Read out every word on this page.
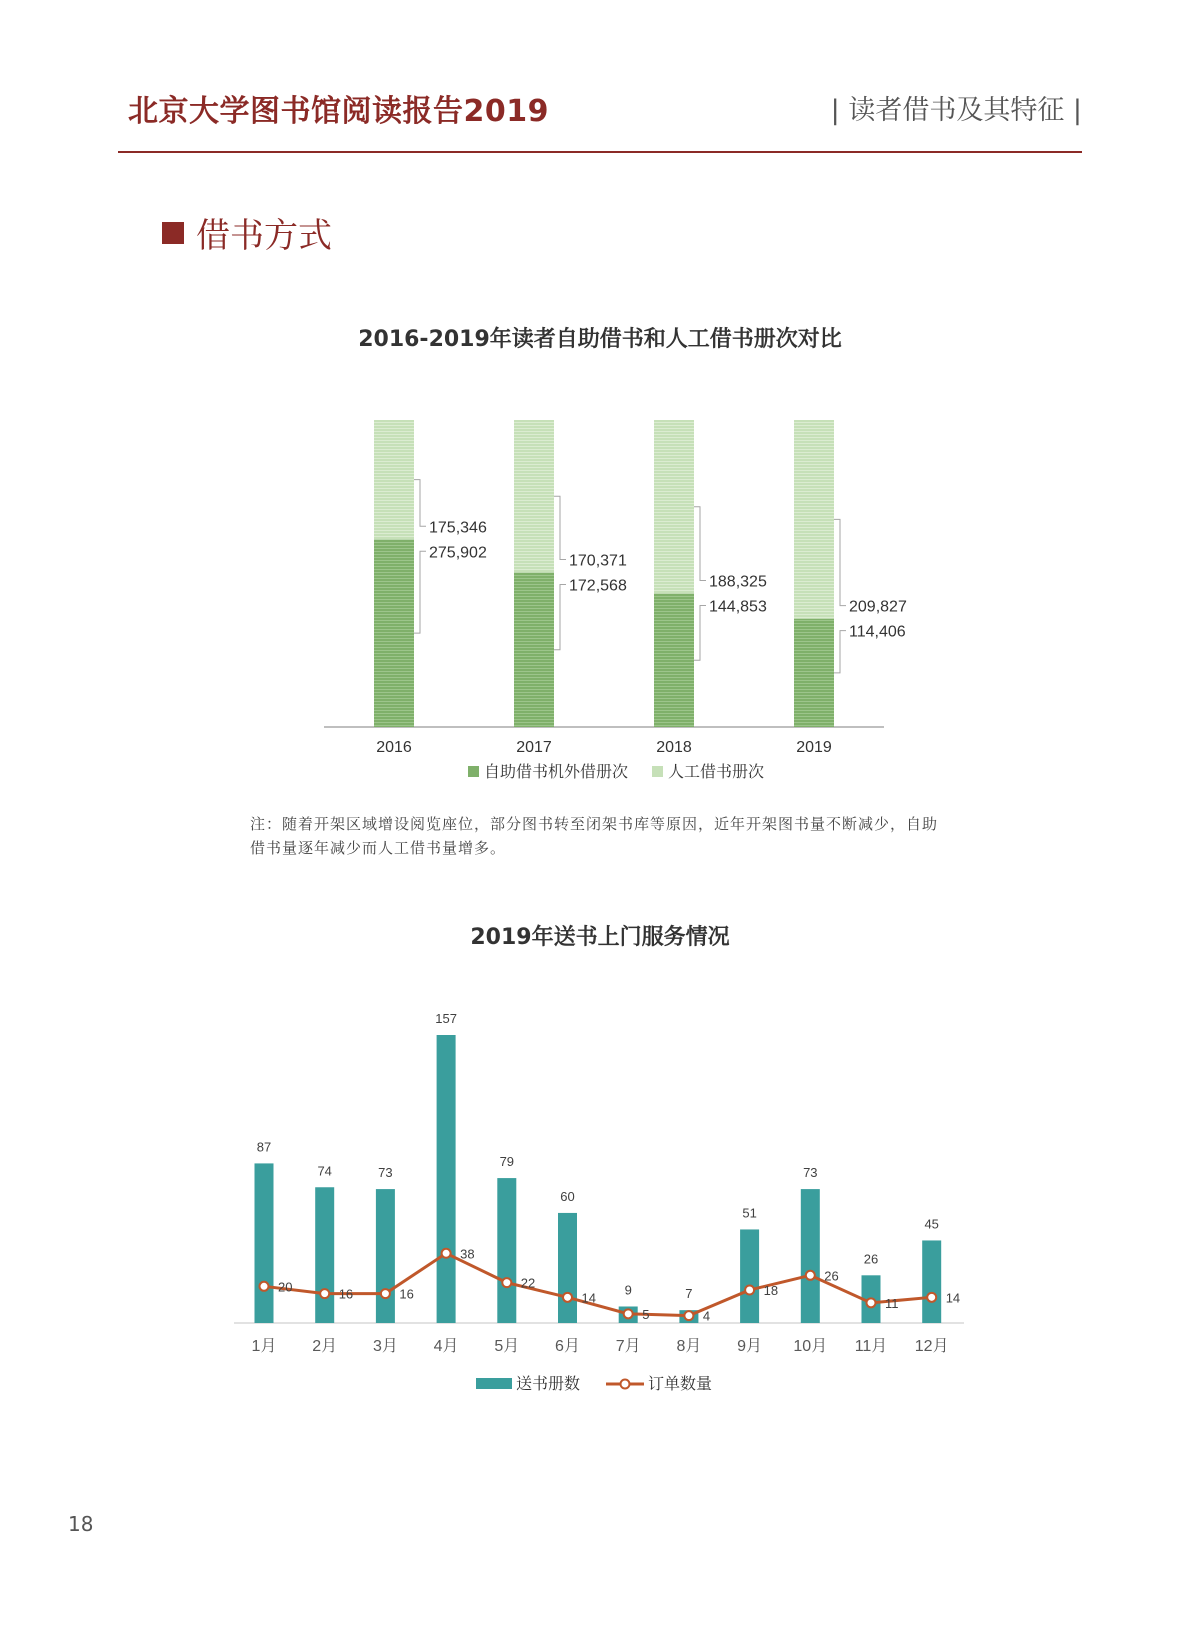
北京大学图书馆阅读报告2019	| 读者借书及其特征 |
借书方式
2016-2019年读者自助借书和人工借书册次对比
2019年送书上门服务情况
175,346
275,902
2016
170,371
172,568
2017
188,325
144,853
2018
209,827
114,406
2019
自助借书机外借册次 人工借书册次
87
1月
74
2月
73
3月
157
4月
79
5月
60
6月
9
7月
7
8月
51
9月
73
10月
26
11月
45
12月
20	16	16
38
22
14
5	4
18
26
11	14
送书册数	订单数量
注：随着开架区域增设阅览座位，部分图书转至闭架书库等原因，近年开架图书量不断减少，自助借书量逐年减少而人工借书量增多。
18
